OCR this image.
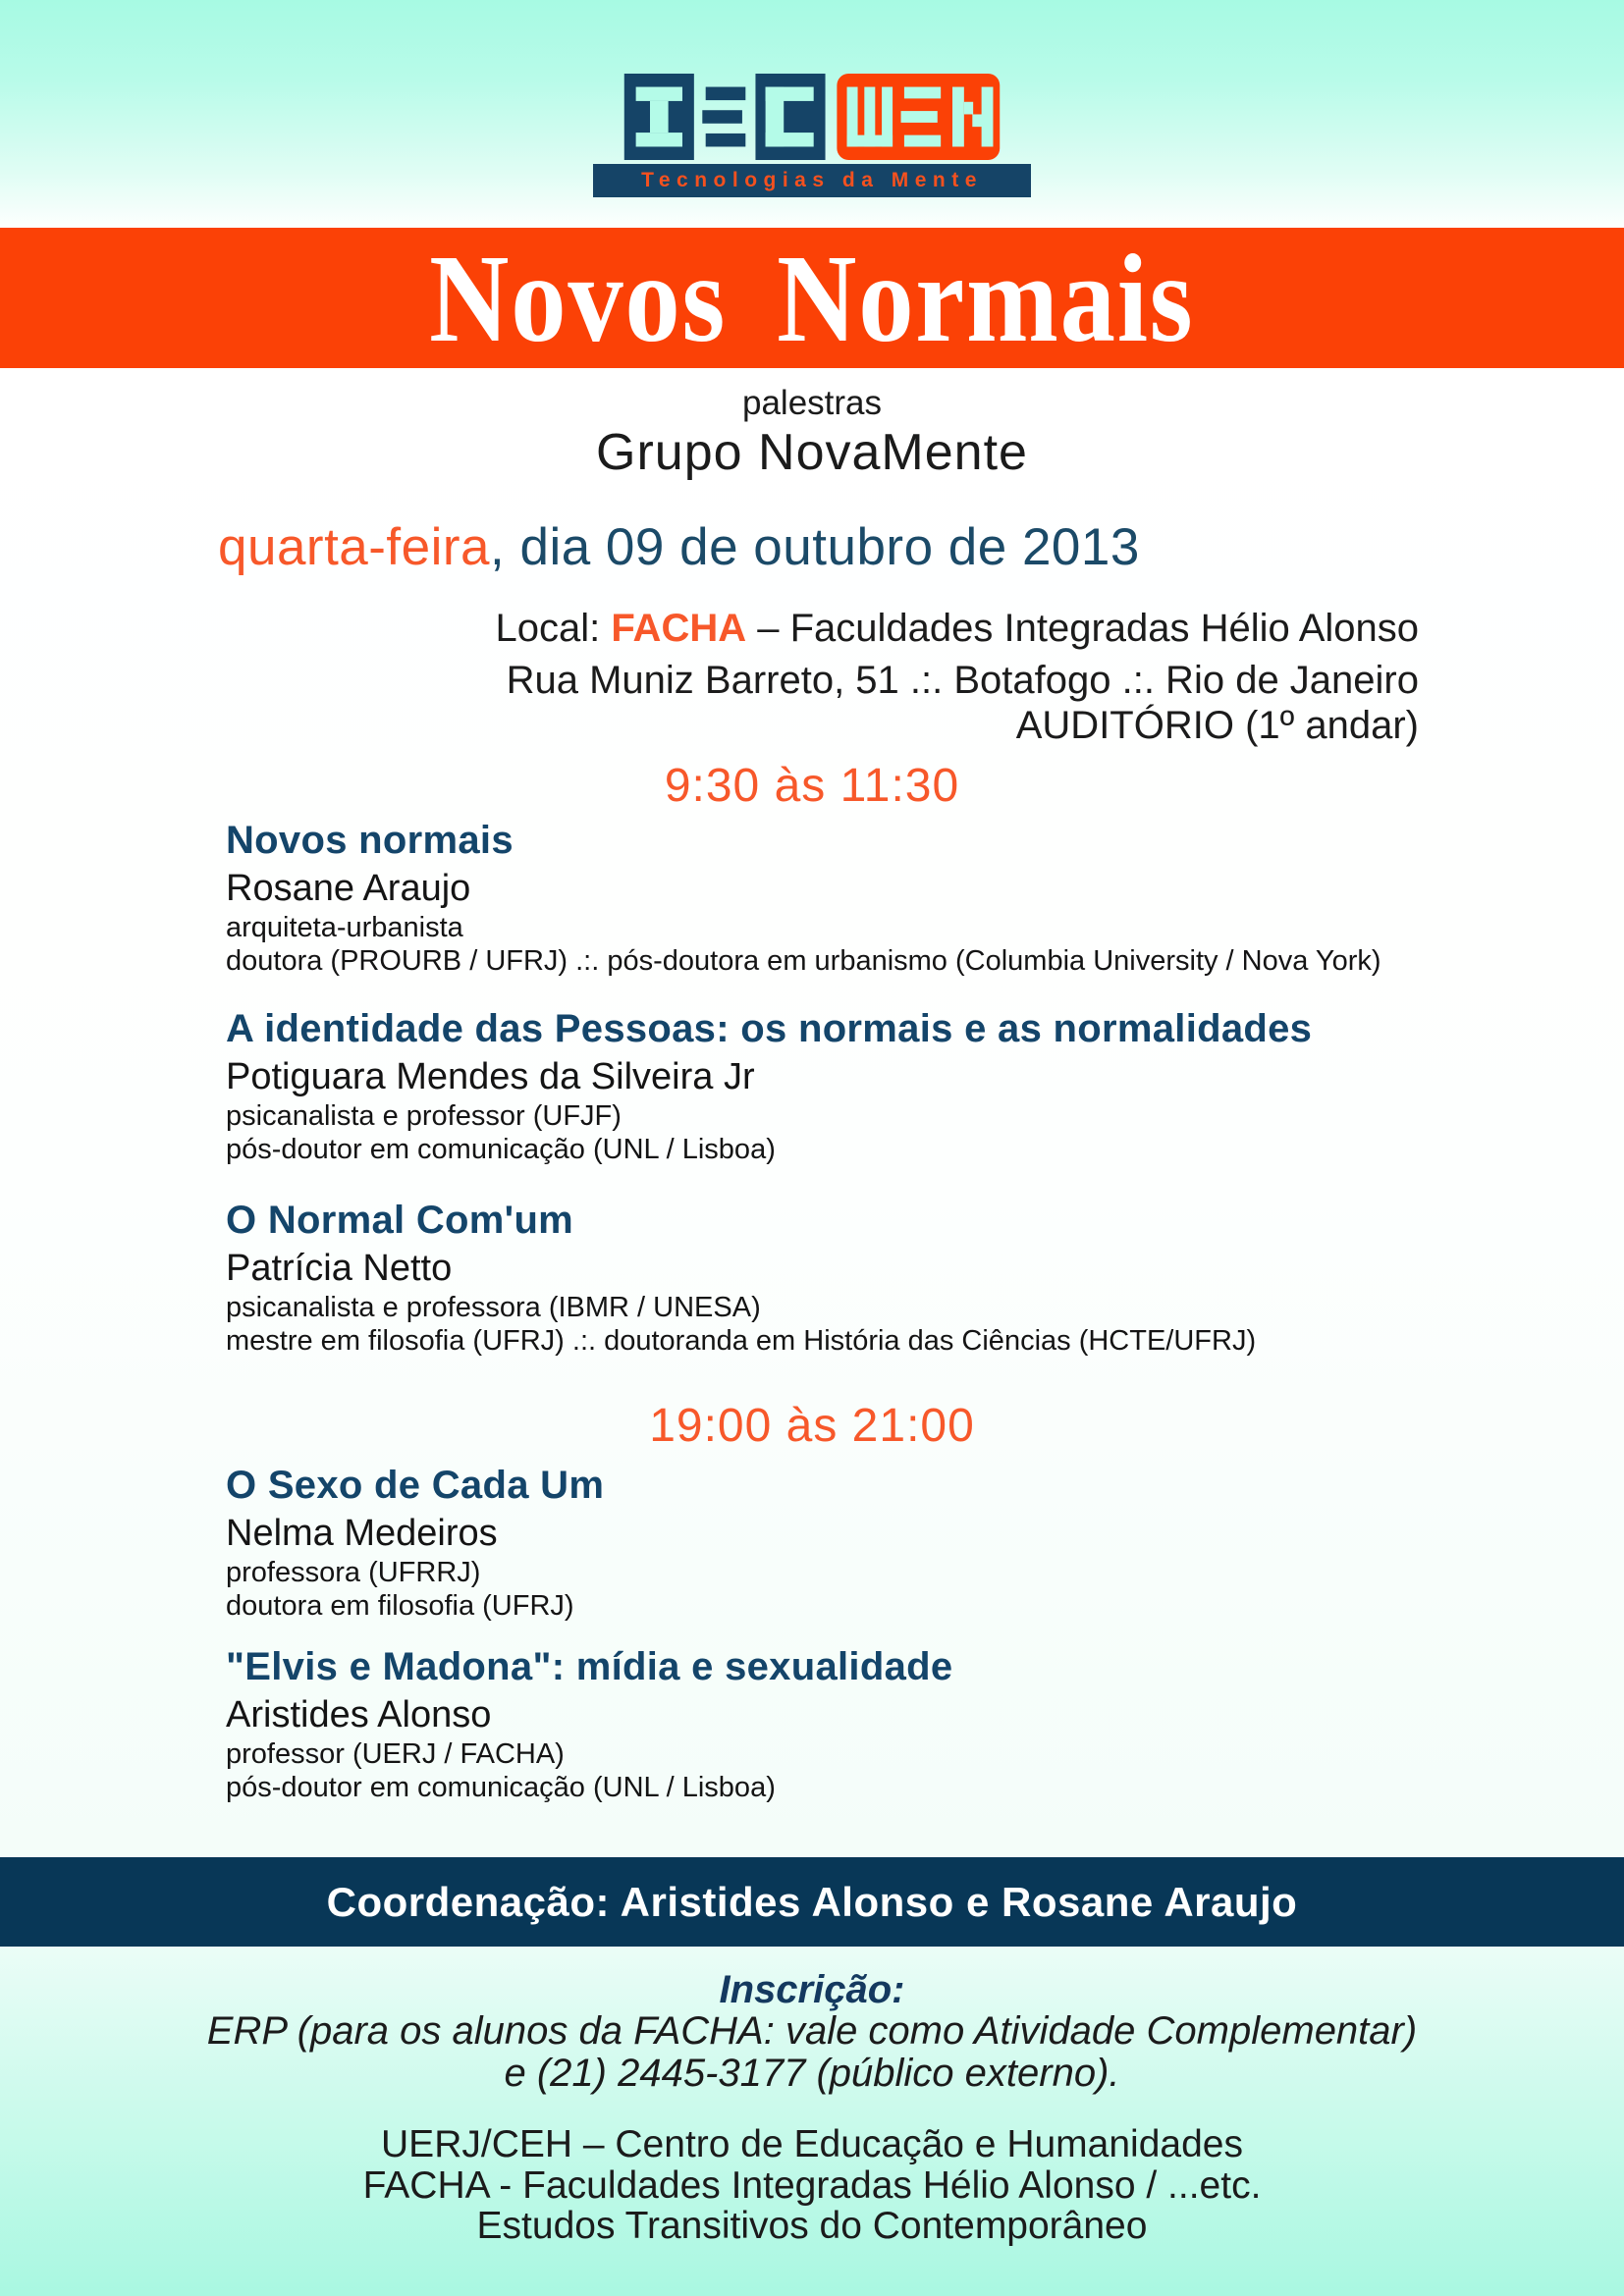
Tecnologias da Mente
Novos Normais
palestras
Grupo NovaMente
quarta-feira, dia 09 de outubro de 2013
Local: FACHA – Faculdades Integradas Hélio Alonso
Rua Muniz Barreto, 51 .:. Botafogo .:. Rio de Janeiro
AUDITÓRIO (1º andar)
9:30 às 11:30
Novos normais
Rosane Araujo
arquiteta-urbanista
doutora (PROURB / UFRJ) .:. pós-doutora em urbanismo (Columbia University / Nova York)
A identidade das Pessoas: os normais e as normalidades
Potiguara Mendes da Silveira Jr
psicanalista e professor (UFJF)
pós-doutor em comunicação (UNL / Lisboa)
O Normal Com'um
Patrícia Netto
psicanalista e professora (IBMR / UNESA)
mestre em filosofia (UFRJ) .:. doutoranda em História das Ciências (HCTE/UFRJ)
19:00 às 21:00
O Sexo de Cada Um
Nelma Medeiros
professora (UFRRJ)
doutora em filosofia (UFRJ)
"Elvis e Madona": mídia e sexualidade
Aristides Alonso
professor (UERJ / FACHA)
pós-doutor em comunicação (UNL / Lisboa)
Coordenação: Aristides Alonso e Rosane Araujo
Inscrição:
ERP (para os alunos da FACHA: vale como Atividade Complementar)
e (21) 2445-3177 (público externo).
UERJ/CEH – Centro de Educação e Humanidades
FACHA - Faculdades Integradas Hélio Alonso / ...etc.
Estudos Transitivos do Contemporâneo
